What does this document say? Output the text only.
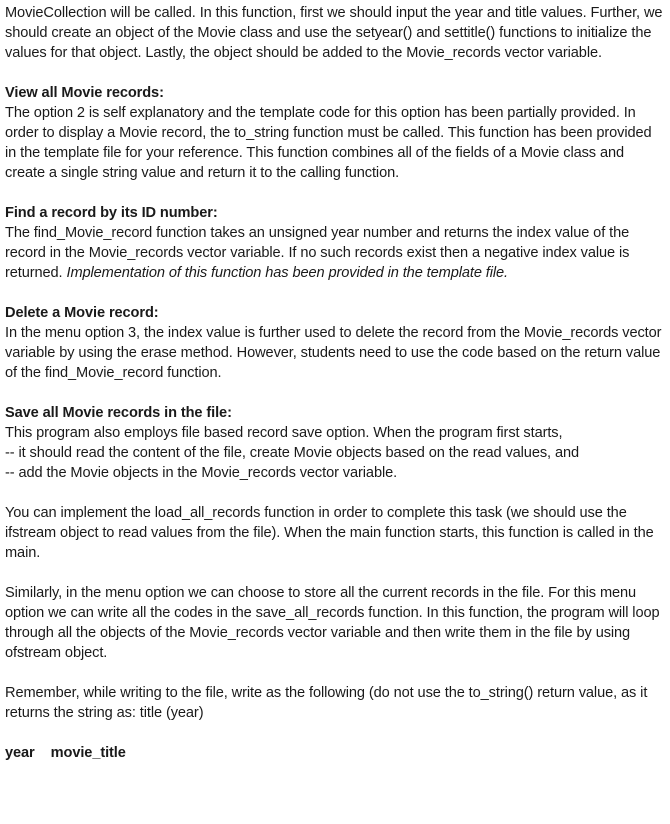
MovieCollection will be called. In this function, first we should input the year and title values. Further, we should create an object of the Movie class and use the setyear() and settitle() functions to initialize the values for that object. Lastly, the object should be added to the Movie_records vector variable.

View all Movie records:

The option 2 is self explanatory and the template code for this option has been partially provided. In order to display a Movie record, the to_string function must be called. This function has been provided in the template file for your reference. This function combines all of the fields of a Movie class and create a single string value and return it to the calling function.

Find a record by its ID number:

The find_Movie_record function takes an unsigned year number and returns the index value of the record in the Movie_records vector variable. If no such records exist then a negative index value is returned. Implementation of this function has been provided in the template file.

Delete a Movie record:

In the menu option 3, the index value is further used to delete the record from the Movie_records vector variable by using the erase method. However, students need to use the code based on the return value of the find_Movie_record function.

Save all Movie records in the file:

This program also employs file based record save option. When the program first starts,

-- it should read the content of the file, create Movie objects based on the read values, and

-- add the Movie objects in the Movie_records vector variable.

You can implement the load_all_records function in order to complete this task (we should use the ifstream object to read values from the file). When the main function starts, this function is called in the main.

Similarly, in the menu option we can choose to store all the current records in the file. For this menu option we can write all the codes in the save_all_records function. In this function, the program will loop through all the objects of the Movie_records vector variable and then write them in the file by using ofstream object.

Remember, while writing to the file, write as the following (do not use the to_string() return value, as it returns the string as: title (year)

year movie_title
